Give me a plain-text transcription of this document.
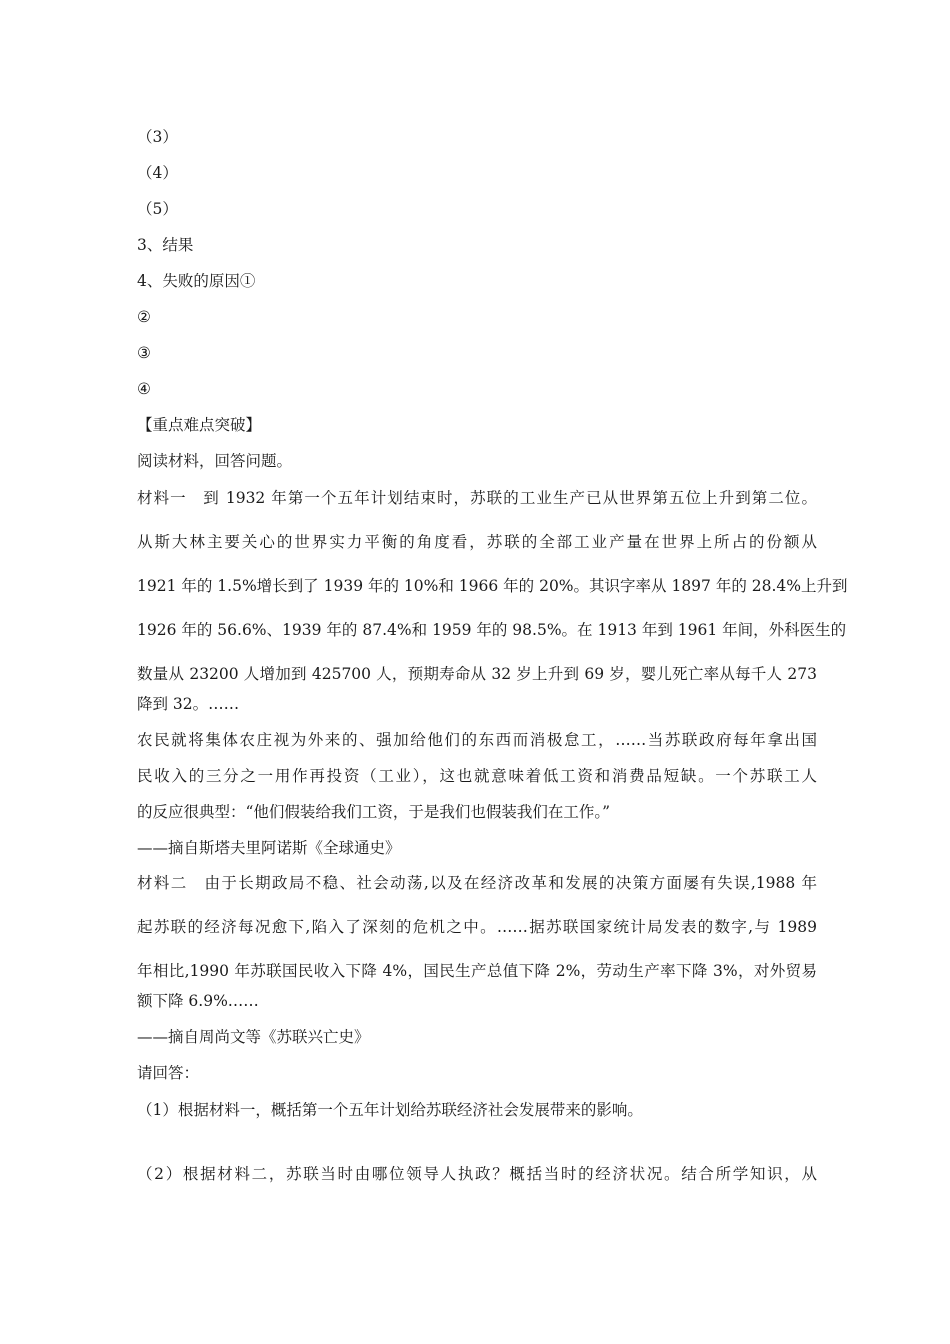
（3）
（4）
（5）
3、结果
4、失败的原因①
②
③
④
【重点难点突破】
阅读材料，回答问题。
材料一　到 1932 年第一个五年计划结束时，苏联的工业生产已从世界第五位上升到第二位。
从斯大林主要关心的世界实力平衡的角度看，苏联的全部工业产量在世界上所占的份额从
1921 年的 1.5%增长到了 1939 年的 10%和 1966 年的 20%。其识字率从 1897 年的 28.4%上升到
1926 年的 56.6%、1939 年的 87.4%和 1959 年的 98.5%。在 1913 年到 1961 年间，外科医生的
数量从 23200 人增加到 425700 人，预期寿命从 32 岁上升到 69 岁，婴儿死亡率从每千人 273
降到 32。……
农民就将集体农庄视为外来的、强加给他们的东西而消极怠工，……当苏联政府每年拿出国
民收入的三分之一用作再投资（工业），这也就意味着低工资和消费品短缺。一个苏联工人
的反应很典型：“他们假装给我们工资，于是我们也假装我们在工作。”
——摘自斯塔夫里阿诺斯《全球通史》
材料二　由于长期政局不稳、社会动荡,以及在经济改革和发展的决策方面屡有失误,1988 年
起苏联的经济每况愈下,陷入了深刻的危机之中。……据苏联国家统计局发表的数字,与 1989
年相比,1990 年苏联国民收入下降 4%，国民生产总值下降 2%，劳动生产率下降 3%，对外贸易
额下降 6.9%……
——摘自周尚文等《苏联兴亡史》
请回答：
（1）根据材料一，概括第一个五年计划给苏联经济社会发展带来的影响。
（2）根据材料二，苏联当时由哪位领导人执政？概括当时的经济状况。结合所学知识，从
